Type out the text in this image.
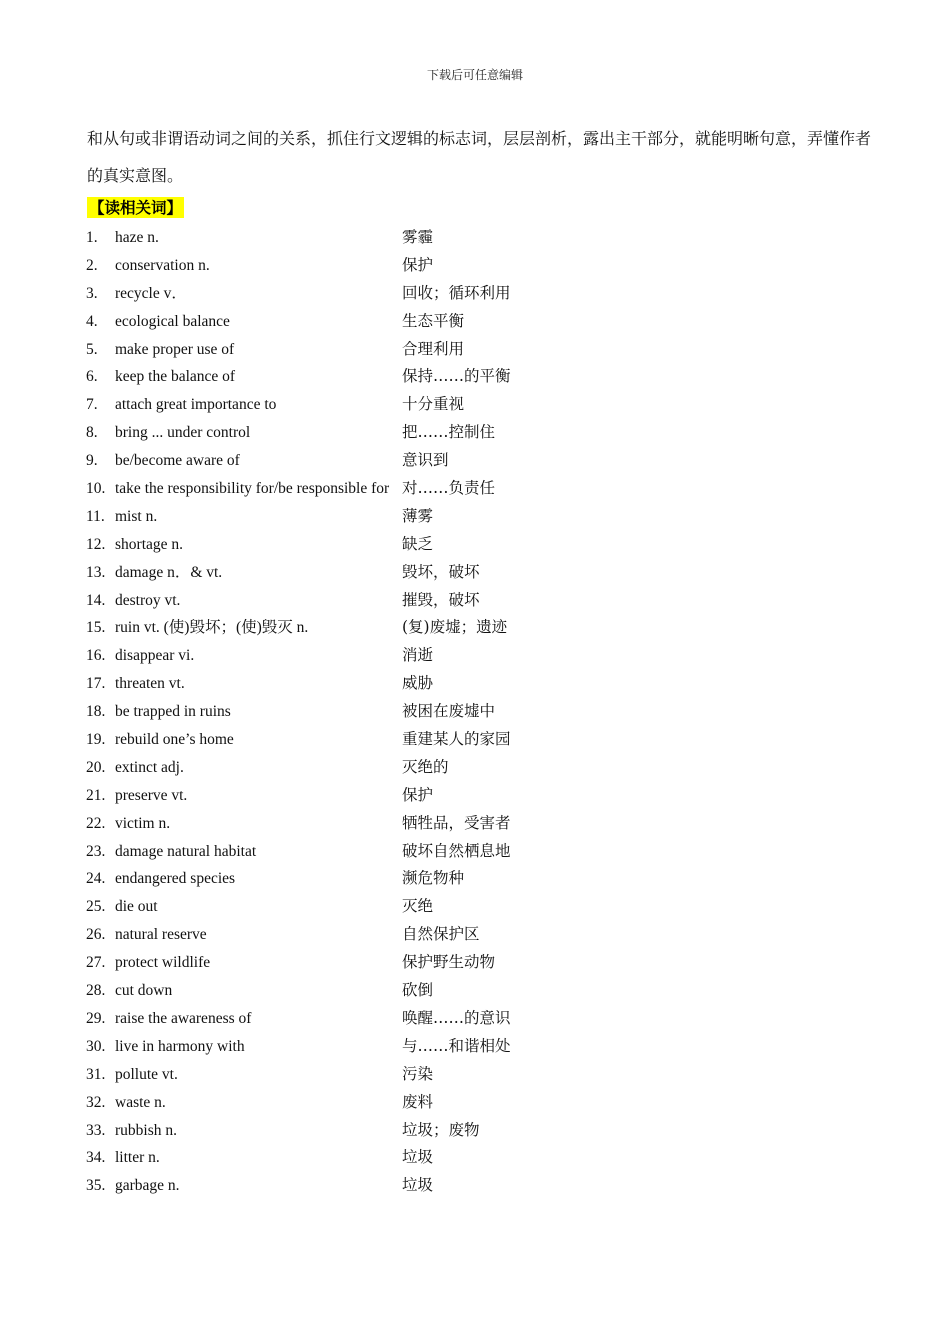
下载后可任意编辑
和从句或非谓语动词之间的关系，抓住行文逻辑的标志词，层层剖析，露出主干部分，就能明晰句意，弄懂作者的真实意图。
【读相关词】
1.	haze n.	雾霾
2.	conservation n.	保护
3.	recycle v．	回收；循环利用
4.	ecological balance	生态平衡
5.	make proper use of	合理利用
6.	keep the balance of	保持……的平衡
7.	attach great importance to	十分重视
8.	bring ... under control	把……控制住
9.	be/become aware of	意识到
10. take the responsibility for/be responsible for 对……负责任
11. mist n.	薄雾
12. shortage n.	缺乏
13. damage n．& vt.	毁坏，破坏
14. destroy vt.	摧毁，破坏
15. ruin vt. (使)毁坏；(使)毁灭 n.	(复)废墟；遗迹
16. disappear vi.	消逝
17. threaten vt.	威胁
18. be trapped in ruins	被困在废墟中
19. rebuild one’s home	重建某人的家园
20. extinct adj.	灭绝的
21. preserve vt.	保护
22. victim n.	牺牲品，受害者
23. damage natural habitat	破坏自然栖息地
24. endangered species	濒危物种
25. die out	灭绝
26. natural reserve	自然保护区
27. protect wildlife	保护野生动物
28. cut down	砍倒
29. raise the awareness of	唤醒……的意识
30. live in harmony with	与……和谐相处
31. pollute vt.	污染
32. waste n.	废料
33. rubbish n.	垃圾；废物
34. litter n.	垃圾
35. garbage n.	垃圾
